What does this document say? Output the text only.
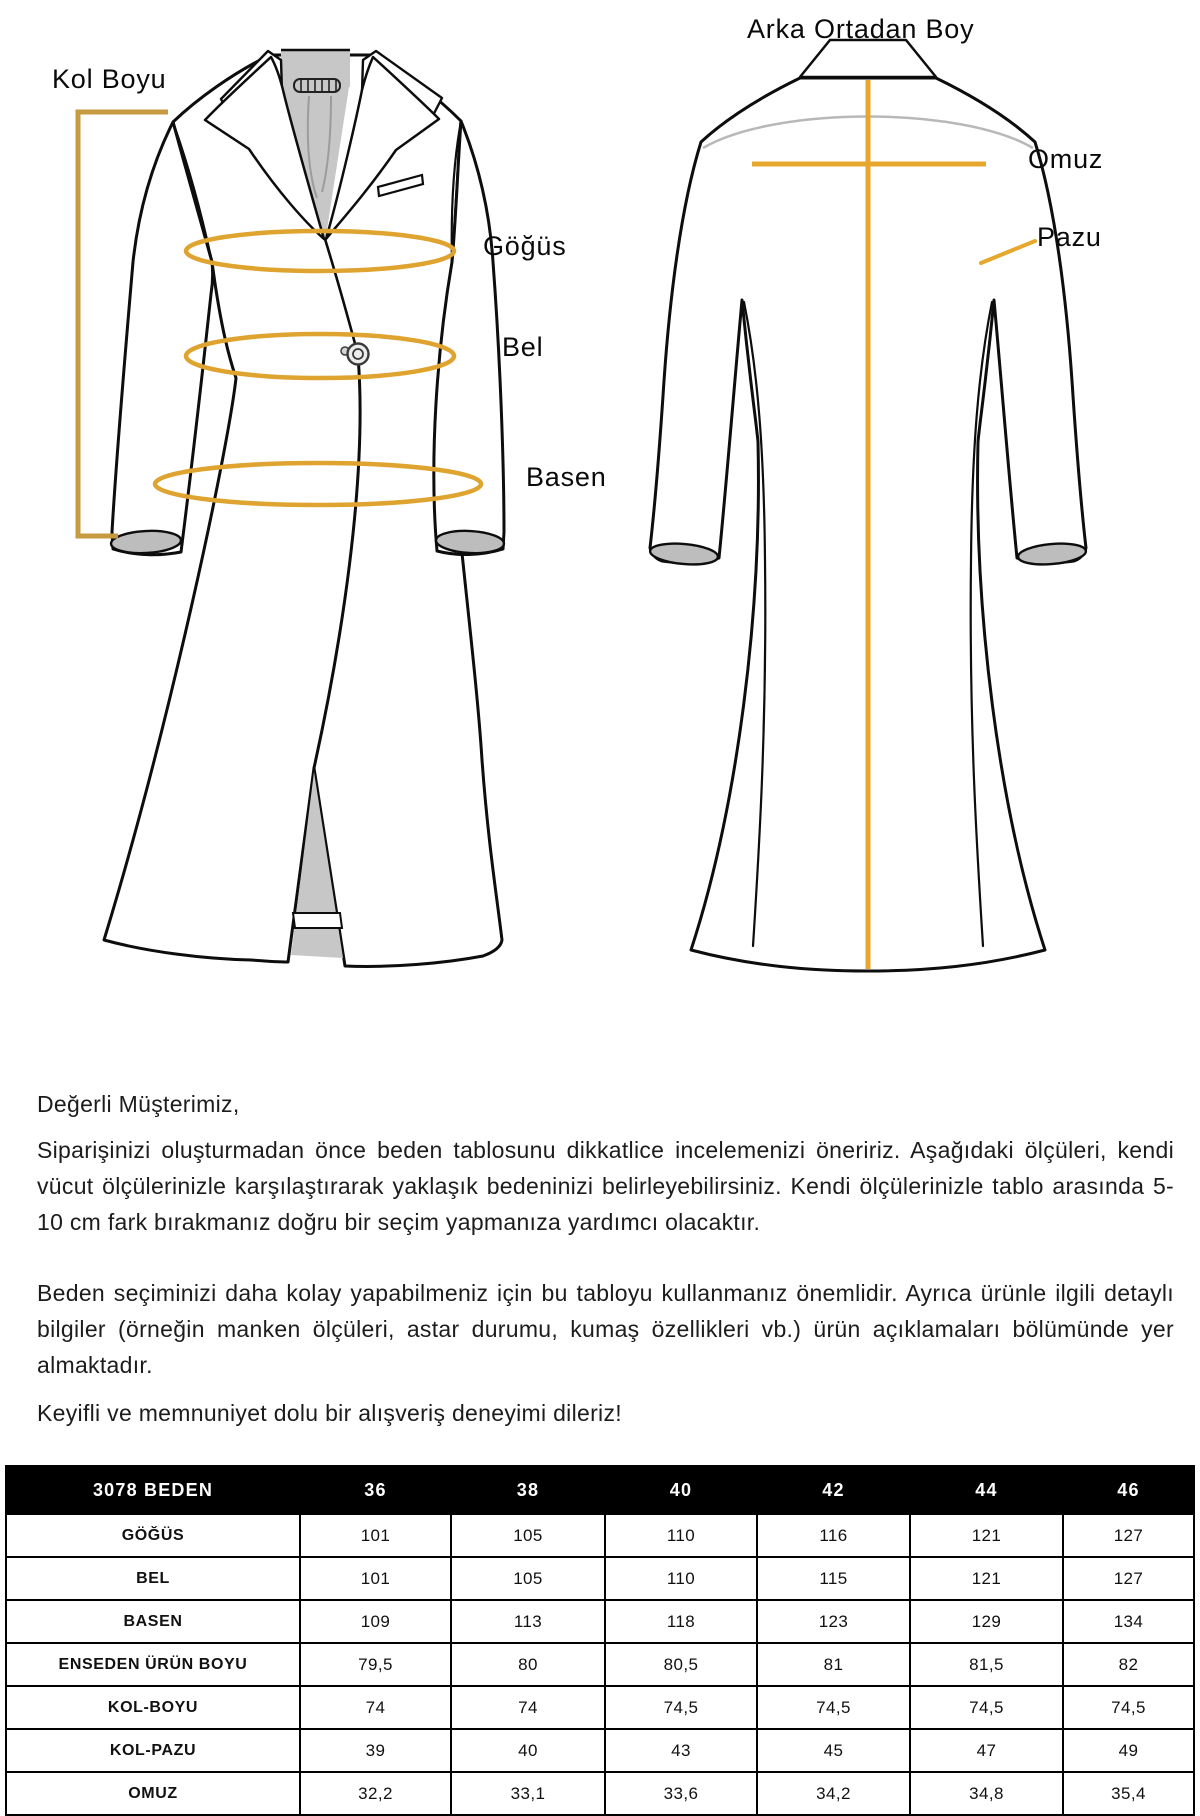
Kol Boyu
Göğüs
Bel
Basen
Arka Ortadan Boy
Omuz
Pazu

Değerli Müşterimiz,

Siparişinizi oluşturmadan önce beden tablosunu dikkatlice incelemenizi öneririz. Aşağıdaki ölçüleri, kendi vücut ölçülerinizle karşılaştırarak yaklaşık bedeninizi belirleyebilirsiniz. Kendi ölçülerinizle tablo arasında 5-10 cm fark bırakmanız doğru bir seçim yapmanıza yardımcı olacaktır.

Beden seçiminizi daha kolay yapabilmeniz için bu tabloyu kullanmanız önemlidir. Ayrıca ürünle ilgili detaylı bilgiler (örneğin manken ölçüleri, astar durumu, kumaş özellikleri vb.) ürün açıklamaları bölümünde yer almaktadır.

Keyifli ve memnuniyet dolu bir alışveriş deneyimi dileriz!

3078 BEDEN	36	38	40	42	44	46
GÖĞÜS	101	105	110	116	121	127
BEL	101	105	110	115	121	127
BASEN	109	113	118	123	129	134
ENSEDEN ÜRÜN BOYU	79,5	80	80,5	81	81,5	82
KOL-BOYU	74	74	74,5	74,5	74,5	74,5
KOL-PAZU	39	40	43	45	47	49
OMUZ	32,2	33,1	33,6	34,2	34,8	35,4
